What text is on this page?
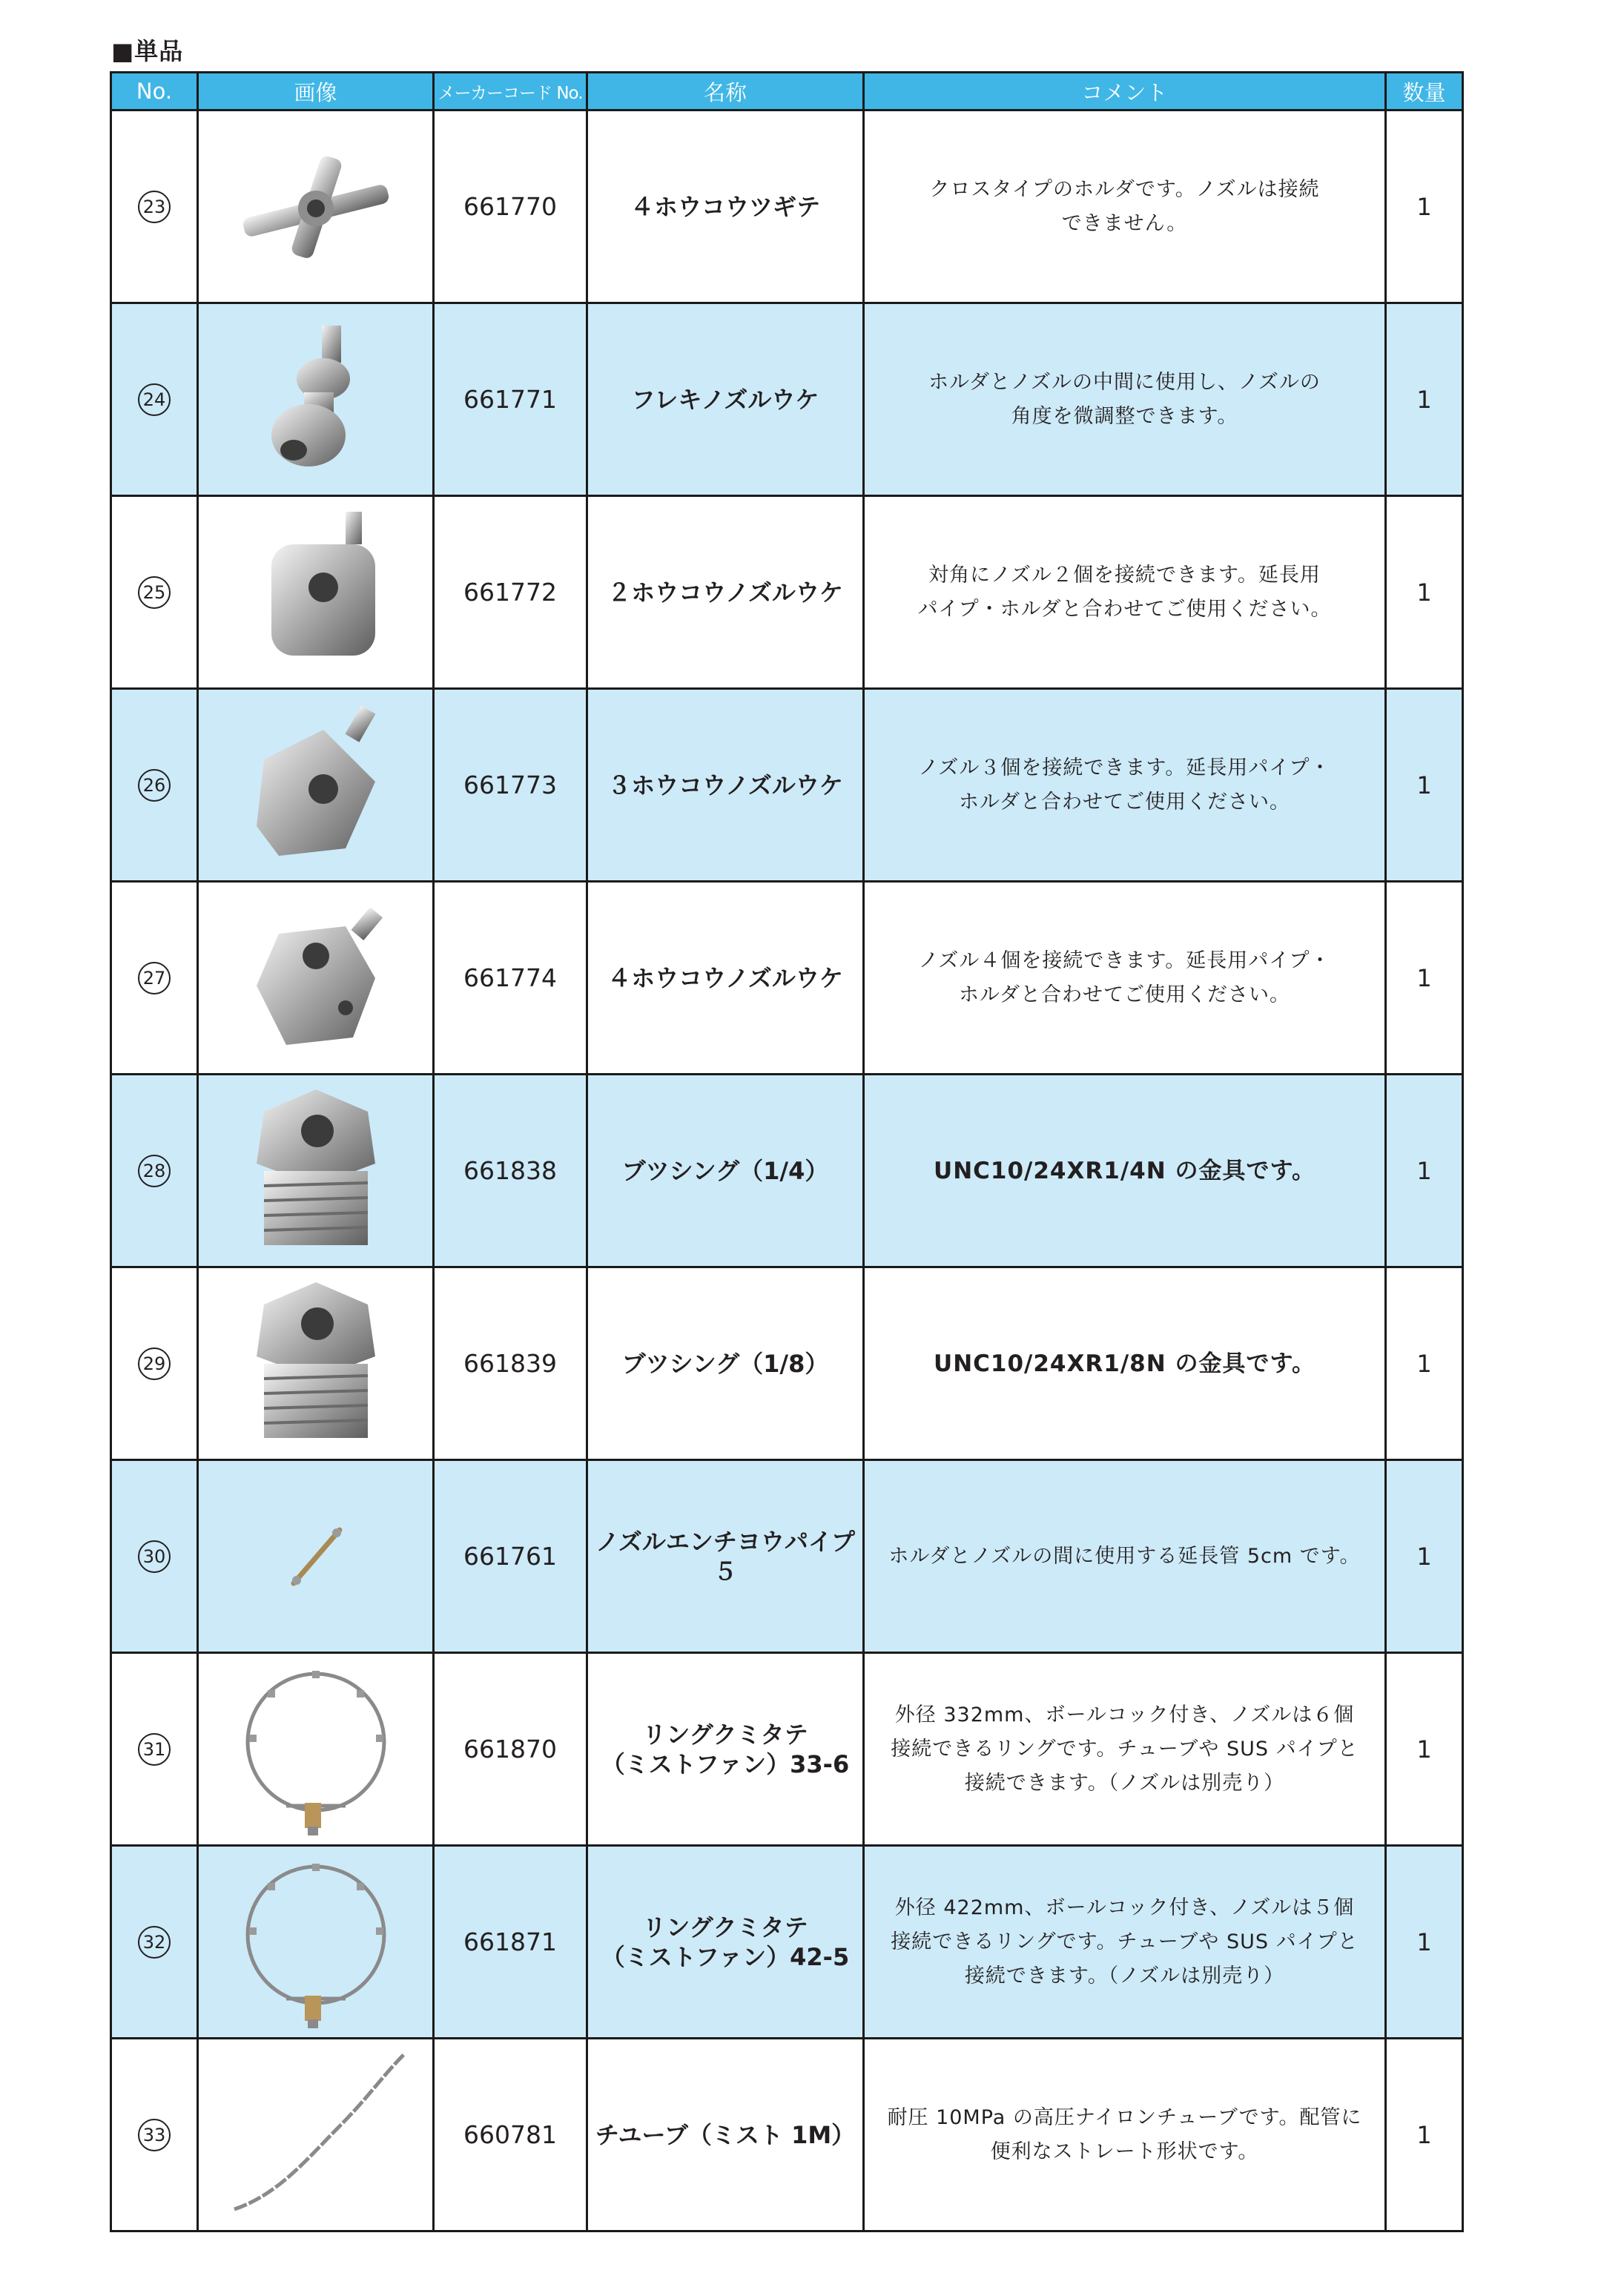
■単品
No.	画像	メーカーコード No.	名称	コメント	数量
23		661770	４ホウコウツギテ	クロスタイプのホルダです。ノズルは接続
できません。	1
24		661771	フレキノズルウケ	ホルダとノズルの中間に使用し、ノズルの
角度を微調整できます。	1
25		661772	２ホウコウノズルウケ	対角にノズル２個を接続できます。延長用
パイプ・ホルダと合わせてご使用ください。	1
26		661773	３ホウコウノズルウケ	ノズル３個を接続できます。延長用パイプ・
ホルダと合わせてご使用ください。	1
27		661774	４ホウコウノズルウケ	ノズル４個を接続できます。延長用パイプ・
ホルダと合わせてご使用ください。	1
28		661838	ブツシング（1/4）	UNC10/24XR1/4N の金具です。	1
29		661839	ブツシング（1/8）	UNC10/24XR1/8N の金具です。	1
30		661761	ノズルエンチヨウパイプ５	ホルダとノズルの間に使用する延長管 5cm です。	1
31		661870	リングクミタテ
（ミストファン）33-6	外径 332mm、ボールコック付き、ノズルは６個
接続できるリングです。チューブや SUS パイプと
接続できます。（ノズルは別売り）	1
32		661871	リングクミタテ
（ミストファン）42-5	外径 422mm、ボールコック付き、ノズルは５個
接続できるリングです。チューブや SUS パイプと
接続できます。（ノズルは別売り）	1
33		660781	チユーブ（ミスト 1M）	耐圧 10MPa の高圧ナイロンチューブです。配管に
便利なストレート形状です。	1
